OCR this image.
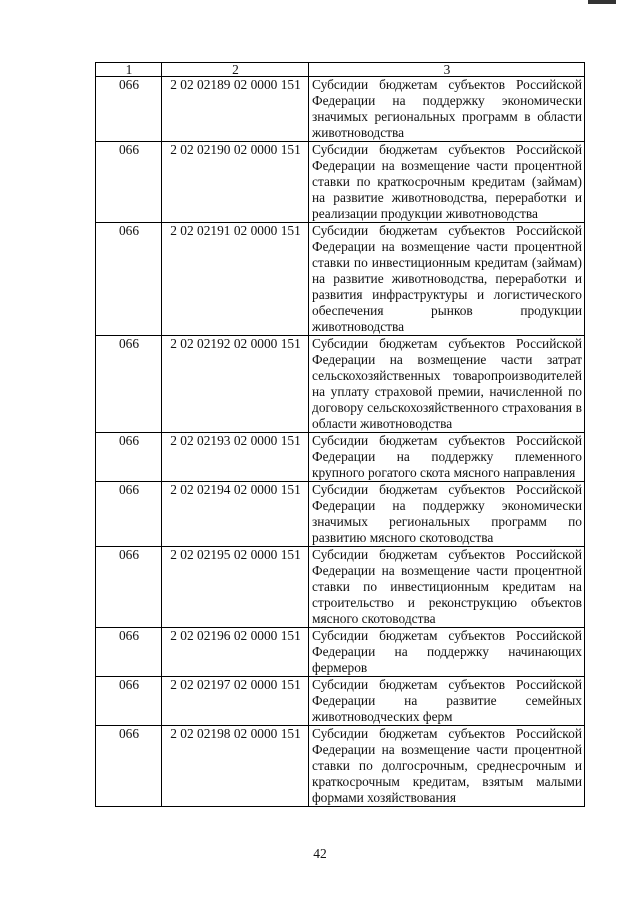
1	2	3
066	2 02 02189 02 0000 151	Субсидии бюджетам субъектов Российской Федерации на поддержку экономически значимых региональных программ в области животноводства
066	2 02 02190 02 0000 151	Субсидии бюджетам субъектов Российской Федерации на возмещение части процентной ставки по краткосрочным кредитам (займам) на развитие животноводства, переработки и реализации продукции животноводства
066	2 02 02191 02 0000 151	Субсидии бюджетам субъектов Российской Федерации на возмещение части процентной ставки по инвестиционным кредитам (займам) на развитие животноводства, переработки и развития инфраструктуры и логистического обеспечения рынков продукции животноводства
066	2 02 02192 02 0000 151	Субсидии бюджетам субъектов Российской Федерации на возмещение части затрат сельскохозяйственных товаропроизводителей на уплату страховой премии, начисленной по договору сельскохозяйственного страхования в области животноводства
066	2 02 02193 02 0000 151	Субсидии бюджетам субъектов Российской Федерации на поддержку племенного крупного рогатого скота мясного направления
066	2 02 02194 02 0000 151	Субсидии бюджетам субъектов Российской Федерации на поддержку экономически значимых региональных программ по развитию мясного скотоводства
066	2 02 02195 02 0000 151	Субсидии бюджетам субъектов Российской Федерации на возмещение части процентной ставки по инвестиционным кредитам на строительство и реконструкцию объектов мясного скотоводства
066	2 02 02196 02 0000 151	Субсидии бюджетам субъектов Российской Федерации на поддержку начинающих фермеров
066	2 02 02197 02 0000 151	Субсидии бюджетам субъектов Российской Федерации на развитие семейных животноводческих ферм
066	2 02 02198 02 0000 151	Субсидии бюджетам субъектов Российской Федерации на возмещение части процентной ставки по долгосрочным, среднесрочным и краткосрочным кредитам, взятым малыми формами хозяйствования
42
